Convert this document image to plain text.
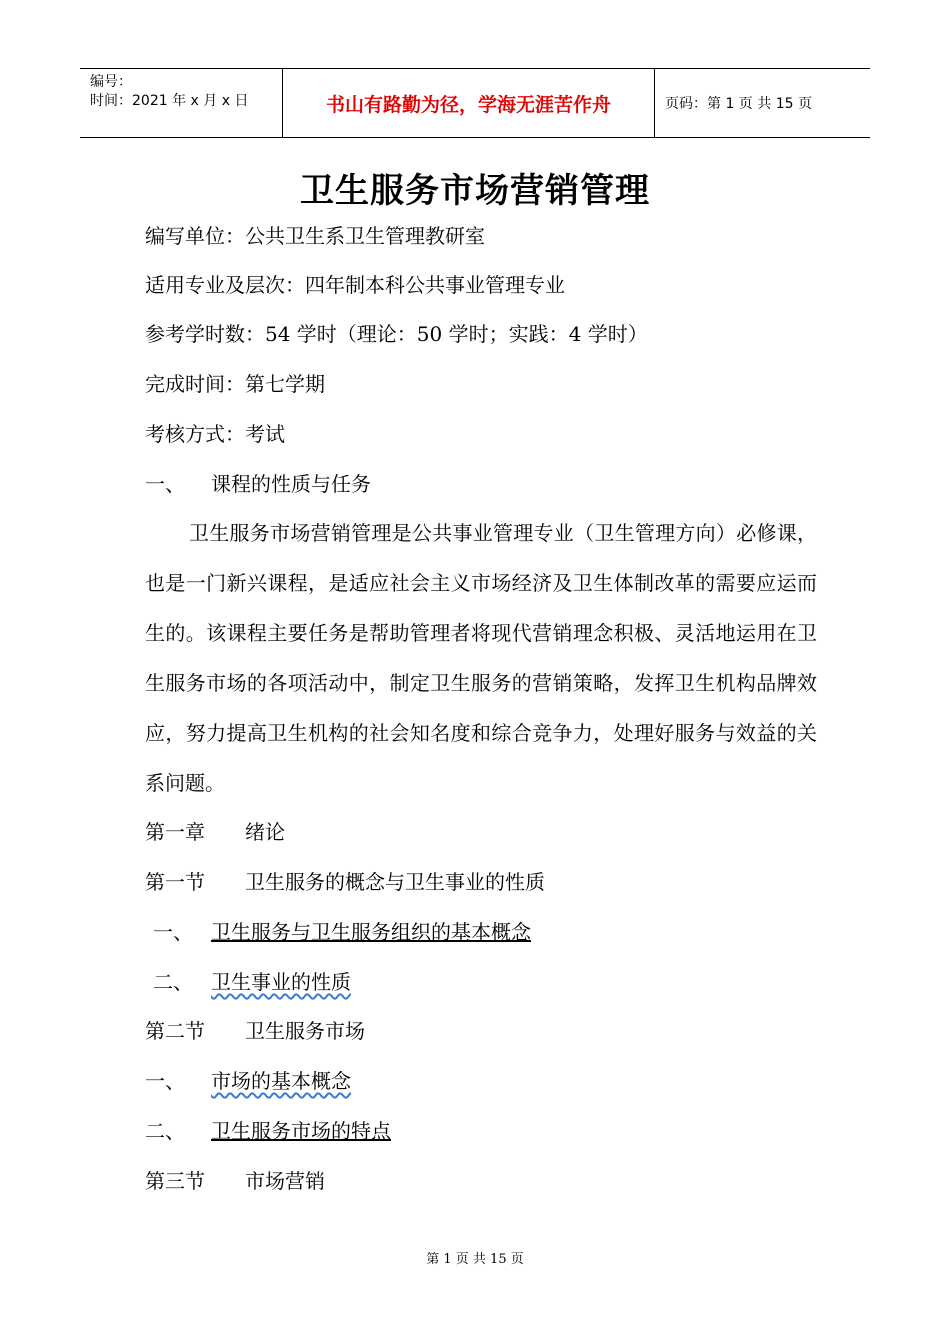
编号：
时间：2021 年 x 月 x 日	书山有路勤为径，学海无涯苦作舟	页码：第 1 页 共 15 页
卫生服务市场营销管理
编写单位：公共卫生系卫生管理教研室
适用专业及层次：四年制本科公共事业管理专业
参考学时数：54 学时（理论：50 学时；实践：4 学时）
完成时间：第七学期
考核方式：考试
一、 课程的性质与任务
卫生服务市场营销管理是公共事业管理专业（卫生管理方向）必修课，也是一门新兴课程，是适应社会主义市场经济及卫生体制改革的需要应运而生的。该课程主要任务是帮助管理者将现代营销理念积极、灵活地运用在卫生服务市场的各项活动中，制定卫生服务的营销策略，发挥卫生机构品牌效应，努力提高卫生机构的社会知名度和综合竞争力，处理好服务与效益的关系问题。
第一章 绪论
第一节 卫生服务的概念与卫生事业的性质
一、 卫生服务与卫生服务组织的基本概念
二、 卫生事业的性质
第二节 卫生服务市场
一、 市场的基本概念
二、 卫生服务市场的特点
第三节 市场营销
第 1 页 共 15 页
